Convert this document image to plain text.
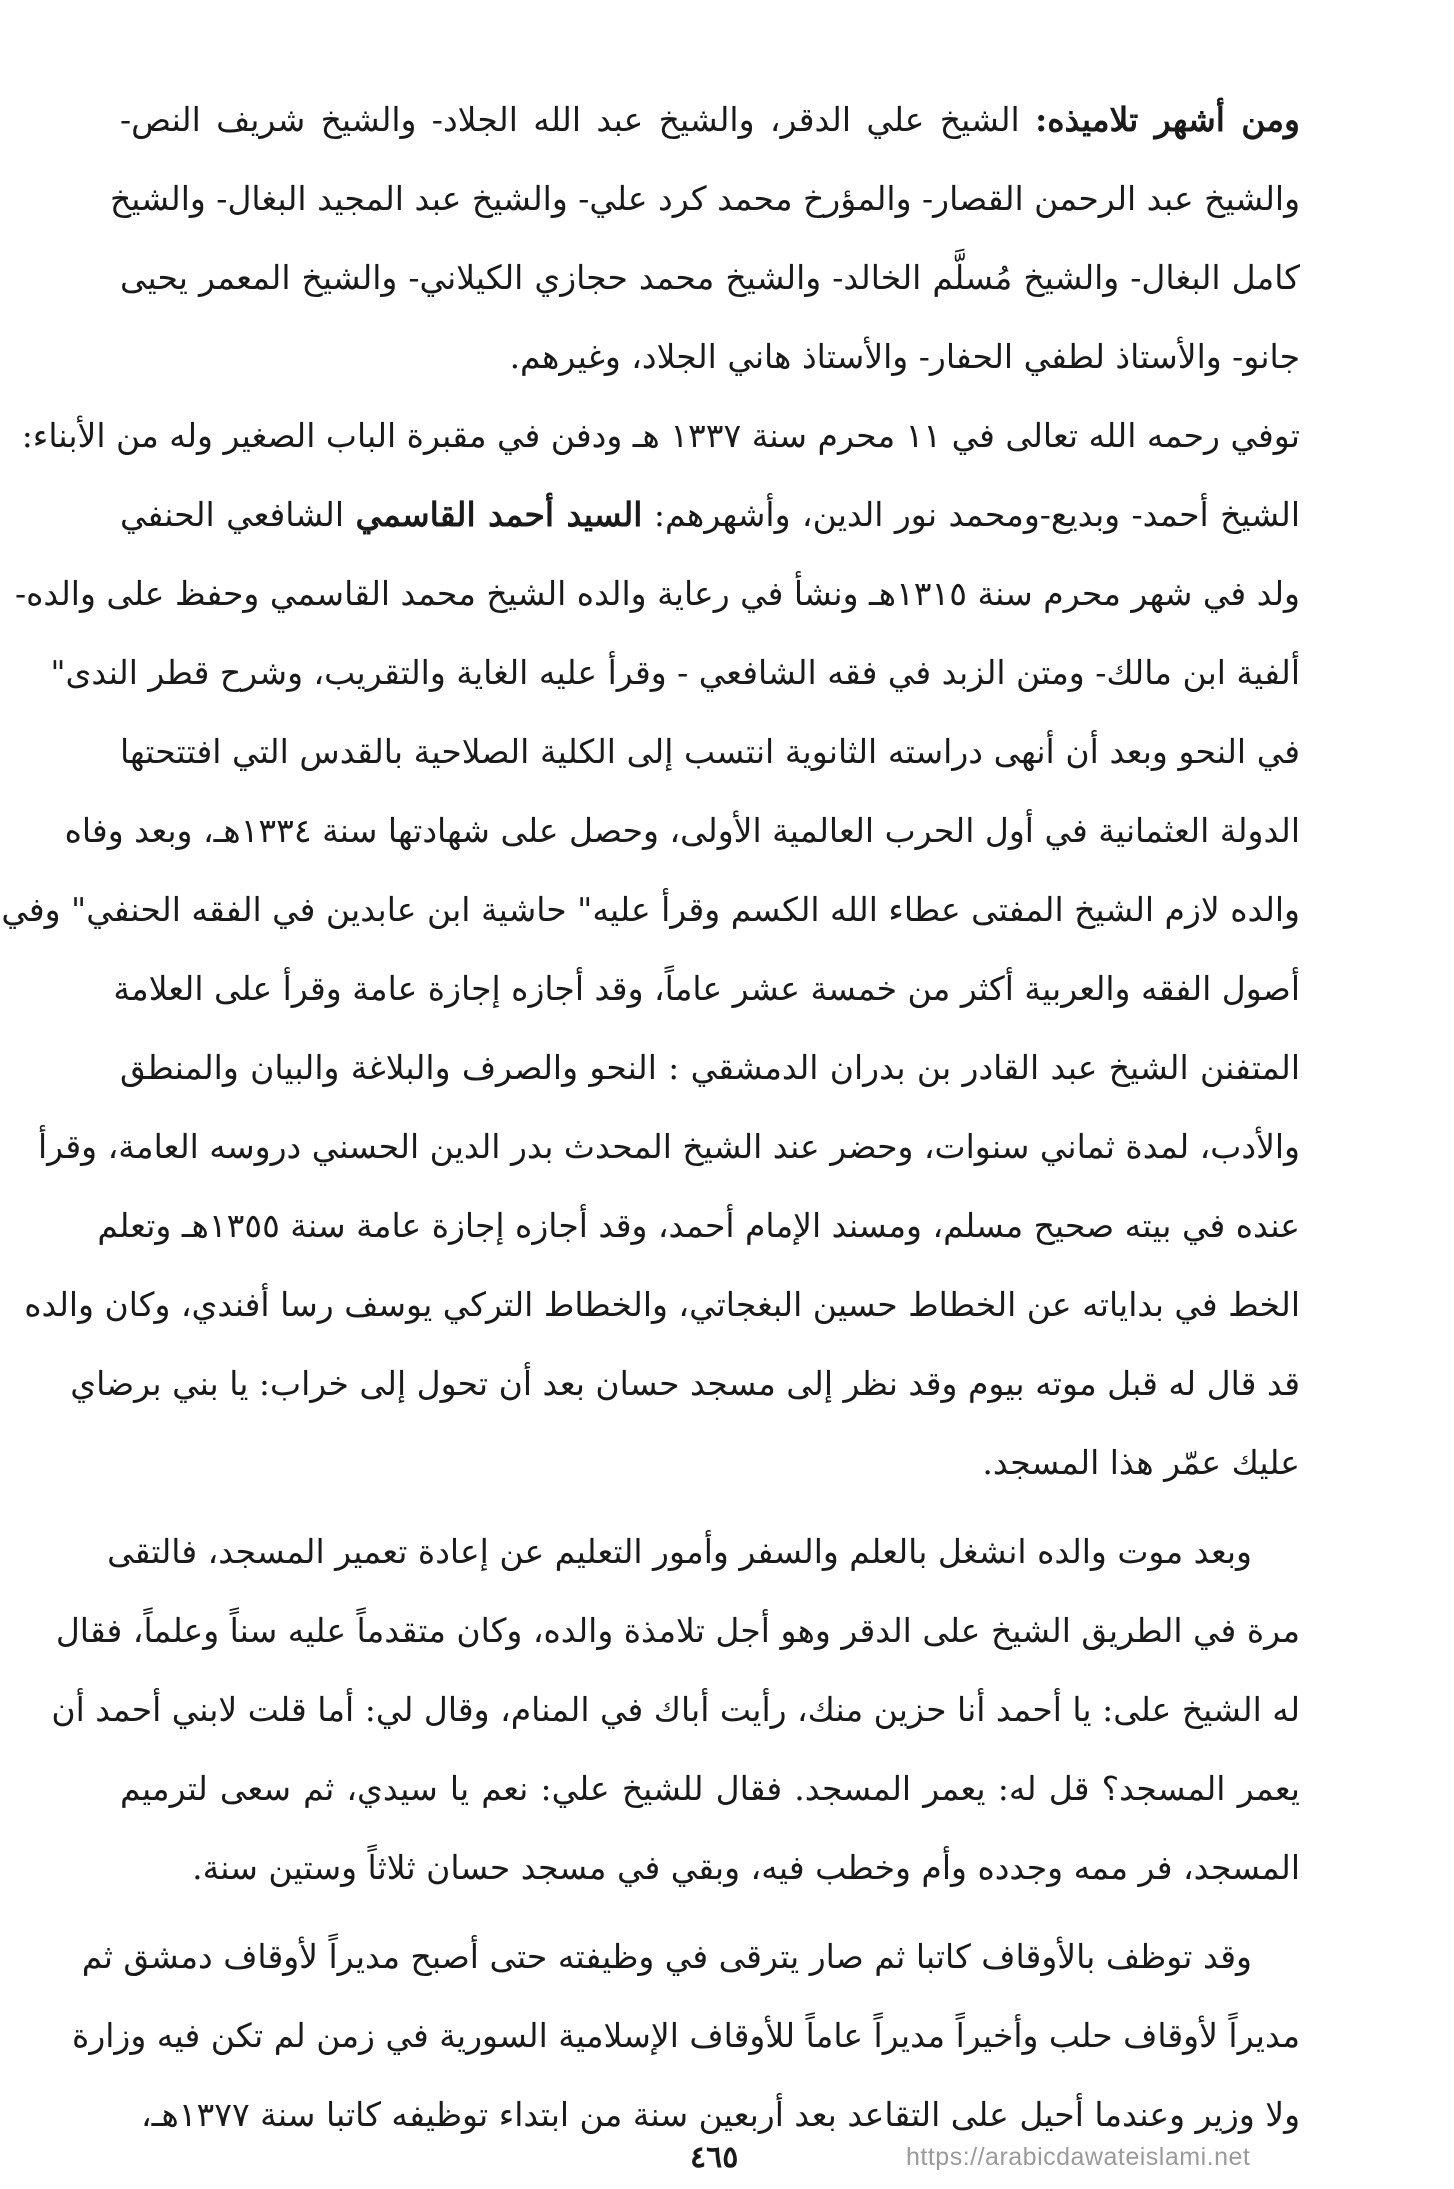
ومن أشهر تلاميذه: الشيخ علي الدقر، والشيخ عبد الله الجلاد- والشيخ شريف النص-
والشيخ عبد الرحمن القصار- والمؤرخ محمد كرد علي- والشيخ عبد المجيد البغال- والشيخ
كامل البغال- والشيخ مُسلَّم الخالد- والشيخ محمد حجازي الكيلاني- والشيخ المعمر يحيى
جانو- والأستاذ لطفي الحفار- والأستاذ هاني الجلاد، وغيرهم.
توفي رحمه الله تعالى في ١١ محرم سنة ١٣٣٧ هـ ودفن في مقبرة الباب الصغير وله من الأبناء:
الشيخ أحمد- وبديع-ومحمد نور الدين، وأشهرهم: السيد أحمد القاسمي الشافعي الحنفي
ولد في شهر محرم سنة ١٣١٥هـ ونشأ في رعاية والده الشيخ محمد القاسمي وحفظ على والده-
ألفية ابن مالك- ومتن الزبد في فقه الشافعي - وقرأ عليه الغاية والتقريب، وشرح قطر الندى"
في النحو وبعد أن أنهى دراسته الثانوية انتسب إلى الكلية الصلاحية بالقدس التي افتتحتها
الدولة العثمانية في أول الحرب العالمية الأولى، وحصل على شهادتها سنة ١٣٣٤هـ، وبعد وفاه
والده لازم الشيخ المفتى عطاء الله الكسم وقرأ عليه" حاشية ابن عابدين في الفقه الحنفي" وفي
أصول الفقه والعربية أكثر من خمسة عشر عاماً، وقد أجازه إجازة عامة وقرأ على العلامة
المتفنن الشيخ عبد القادر بن بدران الدمشقي : النحو والصرف والبلاغة والبيان والمنطق
والأدب، لمدة ثماني سنوات، وحضر عند الشيخ المحدث بدر الدين الحسني دروسه العامة، وقرأ
عنده في بيته صحيح مسلم، ومسند الإمام أحمد، وقد أجازه إجازة عامة سنة ١٣٥٥هـ وتعلم
الخط في بداياته عن الخطاط حسين البغجاتي، والخطاط التركي يوسف رسا أفندي، وكان والده
قد قال له قبل موته بيوم وقد نظر إلى مسجد حسان بعد أن تحول إلى خراب: يا بني برضاي
عليك عمّر هذا المسجد.
وبعد موت والده انشغل بالعلم والسفر وأمور التعليم عن إعادة تعمير المسجد، فالتقى
مرة في الطريق الشيخ على الدقر وهو أجل تلامذة والده، وكان متقدماً عليه سناً وعلماً، فقال
له الشيخ على: يا أحمد أنا حزين منك، رأيت أباك في المنام، وقال لي: أما قلت لابني أحمد أن
يعمر المسجد؟ قل له: يعمر المسجد. فقال للشيخ علي: نعم يا سيدي، ثم سعى لترميم
المسجد، فر ممه وجدده وأم وخطب فيه، وبقي في مسجد حسان ثلاثاً وستين سنة.
وقد توظف بالأوقاف كاتبا ثم صار يترقى في وظيفته حتى أصبح مديراً لأوقاف دمشق ثم
مديراً لأوقاف حلب وأخيراً مديراً عاماً للأوقاف الإسلامية السورية في زمن لم تكن فيه وزارة
ولا وزير وعندما أحيل على التقاعد بعد أربعين سنة من ابتداء توظيفه كاتبا سنة ١٣٧٧هـ،
٤٦٥	https://arabicdawateislami.net
